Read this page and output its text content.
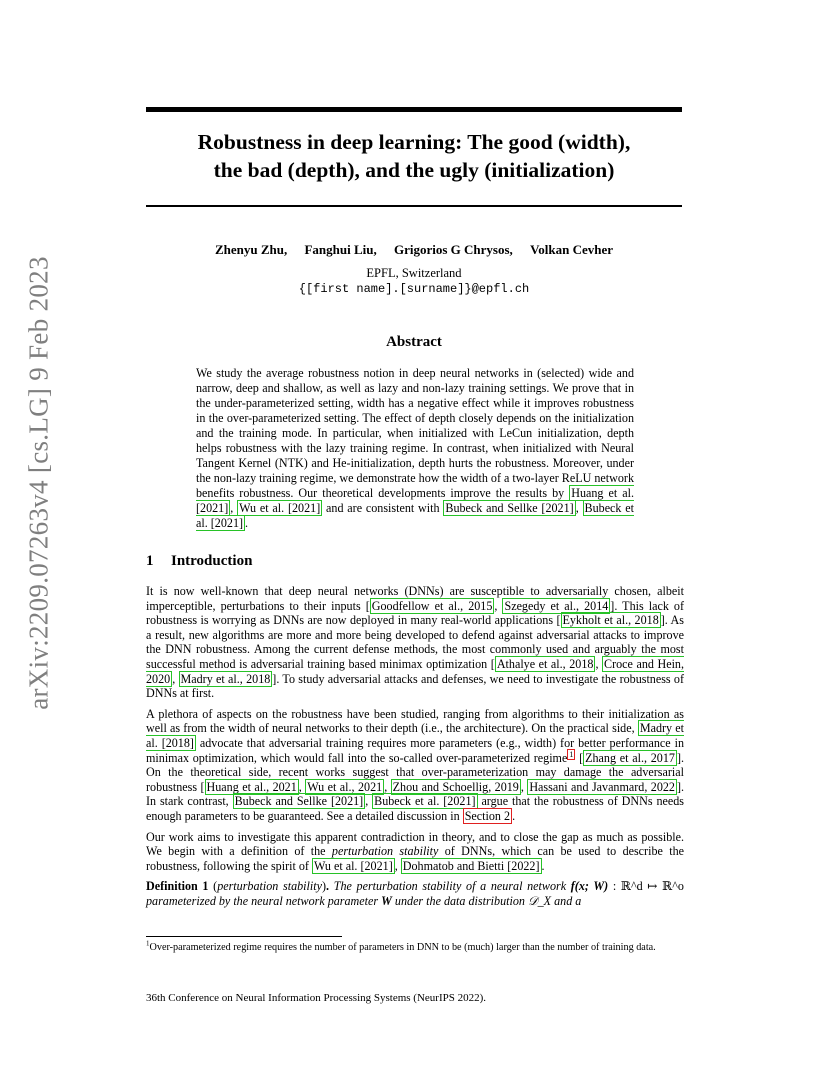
arXiv:2209.07263v4 [cs.LG] 9 Feb 2023
Robustness in deep learning: The good (width),
the bad (depth), and the ugly (initialization)

Zhenyu Zhu, Fanghui Liu, Grigorios G Chrysos, Volkan Cevher

EPFL, Switzerland
{[first name].[surname]}@epfl.ch
Abstract

We study the average robustness notion in deep neural networks in (selected) wide and narrow, deep and shallow, as well as lazy and non-lazy training settings. We prove that in the under-parameterized setting, width has a negative effect while it improves robustness in the over-parameterized setting. The effect of depth closely depends on the initialization and the training mode. In particular, when initialized with LeCun initialization, depth helps robustness with the lazy training regime. In contrast, when initialized with Neural Tangent Kernel (NTK) and He-initialization, depth hurts the robustness. Moreover, under the non-lazy training regime, we demonstrate how the width of a two-layer ReLU network benefits robustness. Our theoretical developments improve the results by Huang et al. [2021] , Wu et al. [2021] and are consistent with Bubeck and Sellke [2021] , Bubeck et al. [2021] .

1 Introduction

It is now well-known that deep neural networks (DNNs) are susceptible to adversarially chosen, albeit imperceptible, perturbations to their inputs [ Goodfellow et al., 2015 , Szegedy et al., 2014 ]. This lack of robustness is worrying as DNNs are now deployed in many real-world applications [ Eykholt et al., 2018 ]. As a result, new algorithms are more and more being developed to defend against adversarial attacks to improve the DNN robustness. Among the current defense methods, the most commonly used and arguably the most successful method is adversarial training based minimax optimization [ Athalye et al., 2018 , Croce and Hein, 2020 , Madry et al., 2018 ]. To study adversarial attacks and defenses, we need to investigate the robustness of DNNs at first.

A plethora of aspects on the robustness have been studied, ranging from algorithms to their initialization as well as from the width of neural networks to their depth (i.e., the architecture). On the practical side, Madry et al. [2018] advocate that adversarial training requires more parameters (e.g., width) for better performance in minimax optimization, which would fall into the so-called over-parameterized regime $^1$ [ Zhang et al., 2017 ]. On the theoretical side, recent works suggest that over-parameterization may damage the adversarial robustness [ Huang et al., 2021 , Wu et al., 2021 , Zhou and Schoellig, 2019 , Hassani and Javanmard, 2022 ]. In stark contrast, Bubeck and Sellke [2021] , Bubeck et al. [2021] argue that the robustness of DNNs needs enough parameters to be guaranteed. See a detailed discussion in Section 2 .

Our work aims to investigate this apparent contradiction in theory, and to close the gap as much as possible. We begin with a definition of the perturbation stability of DNNs, which can be used to describe the robustness, following the spirit of Wu et al. [2021] , Dohmatob and Bietti [2022] .

Definition 1 (perturbation stability). The perturbation stability of a neural network f(x; W) : ℝ^d ↦ ℝ^o parameterized by the neural network parameter W under the data distribution 𝒟_X and a

$^1$Over-parameterized regime requires the number of parameters in DNN to be (much) larger than the number of training data.

36th Conference on Neural Information Processing Systems (NeurIPS 2022).
